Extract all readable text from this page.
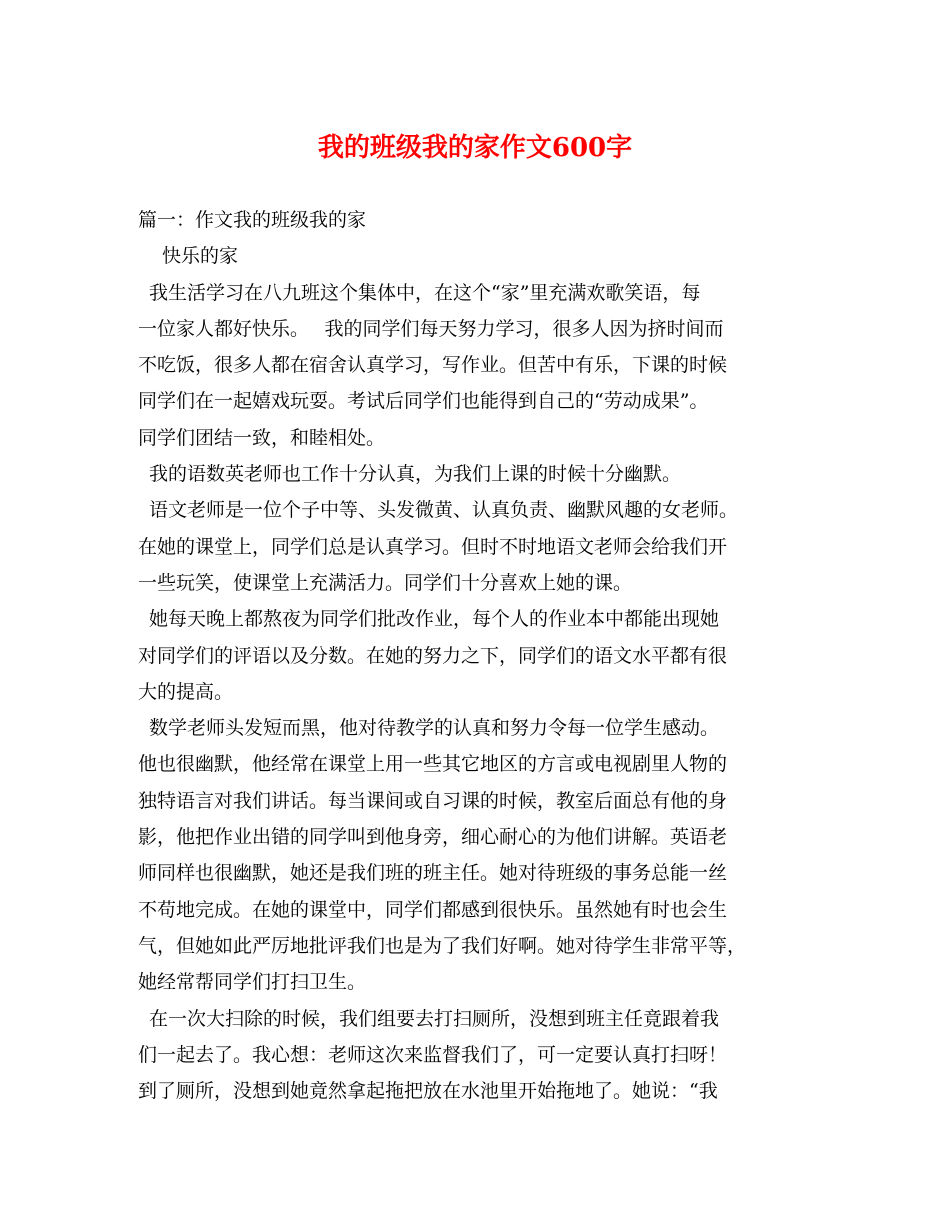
我的班级我的家作文600字
篇一：作文我的班级我的家
快乐的家
我生活学习在八九班这个集体中，在这个“家”里充满欢歌笑语，每
一位家人都好快乐。　 我的同学们每天努力学习，很多人因为挤时间而
不吃饭，很多人都在宿舍认真学习，写作业。但苦中有乐，下课的时候
同学们在一起嬉戏玩耍。考试后同学们也能得到自己的“劳动成果”。
同学们团结一致，和睦相处。
我的语数英老师也工作十分认真，为我们上课的时候十分幽默。
语文老师是一位个子中等、头发微黄、认真负责、幽默风趣的女老师。
在她的课堂上，同学们总是认真学习。但时不时地语文老师会给我们开
一些玩笑，使课堂上充满活力。同学们十分喜欢上她的课。
她每天晚上都熬夜为同学们批改作业，每个人的作业本中都能出现她
对同学们的评语以及分数。在她的努力之下，同学们的语文水平都有很
大的提高。
数学老师头发短而黑，他对待教学的认真和努力令每一位学生感动。
他也很幽默，他经常在课堂上用一些其它地区的方言或电视剧里人物的
独特语言对我们讲话。每当课间或自习课的时候，教室后面总有他的身
影，他把作业出错的同学叫到他身旁，细心耐心的为他们讲解。英语老
师同样也很幽默，她还是我们班的班主任。她对待班级的事务总能一丝
不苟地完成。在她的课堂中，同学们都感到很快乐。虽然她有时也会生
气，但她如此严厉地批评我们也是为了我们好啊。她对待学生非常平等，
她经常帮同学们打扫卫生。
在一次大扫除的时候，我们组要去打扫厕所，没想到班主任竟跟着我
们一起去了。我心想：老师这次来监督我们了，可一定要认真打扫呀！
到了厕所，没想到她竟然拿起拖把放在水池里开始拖地了。她说：“我
